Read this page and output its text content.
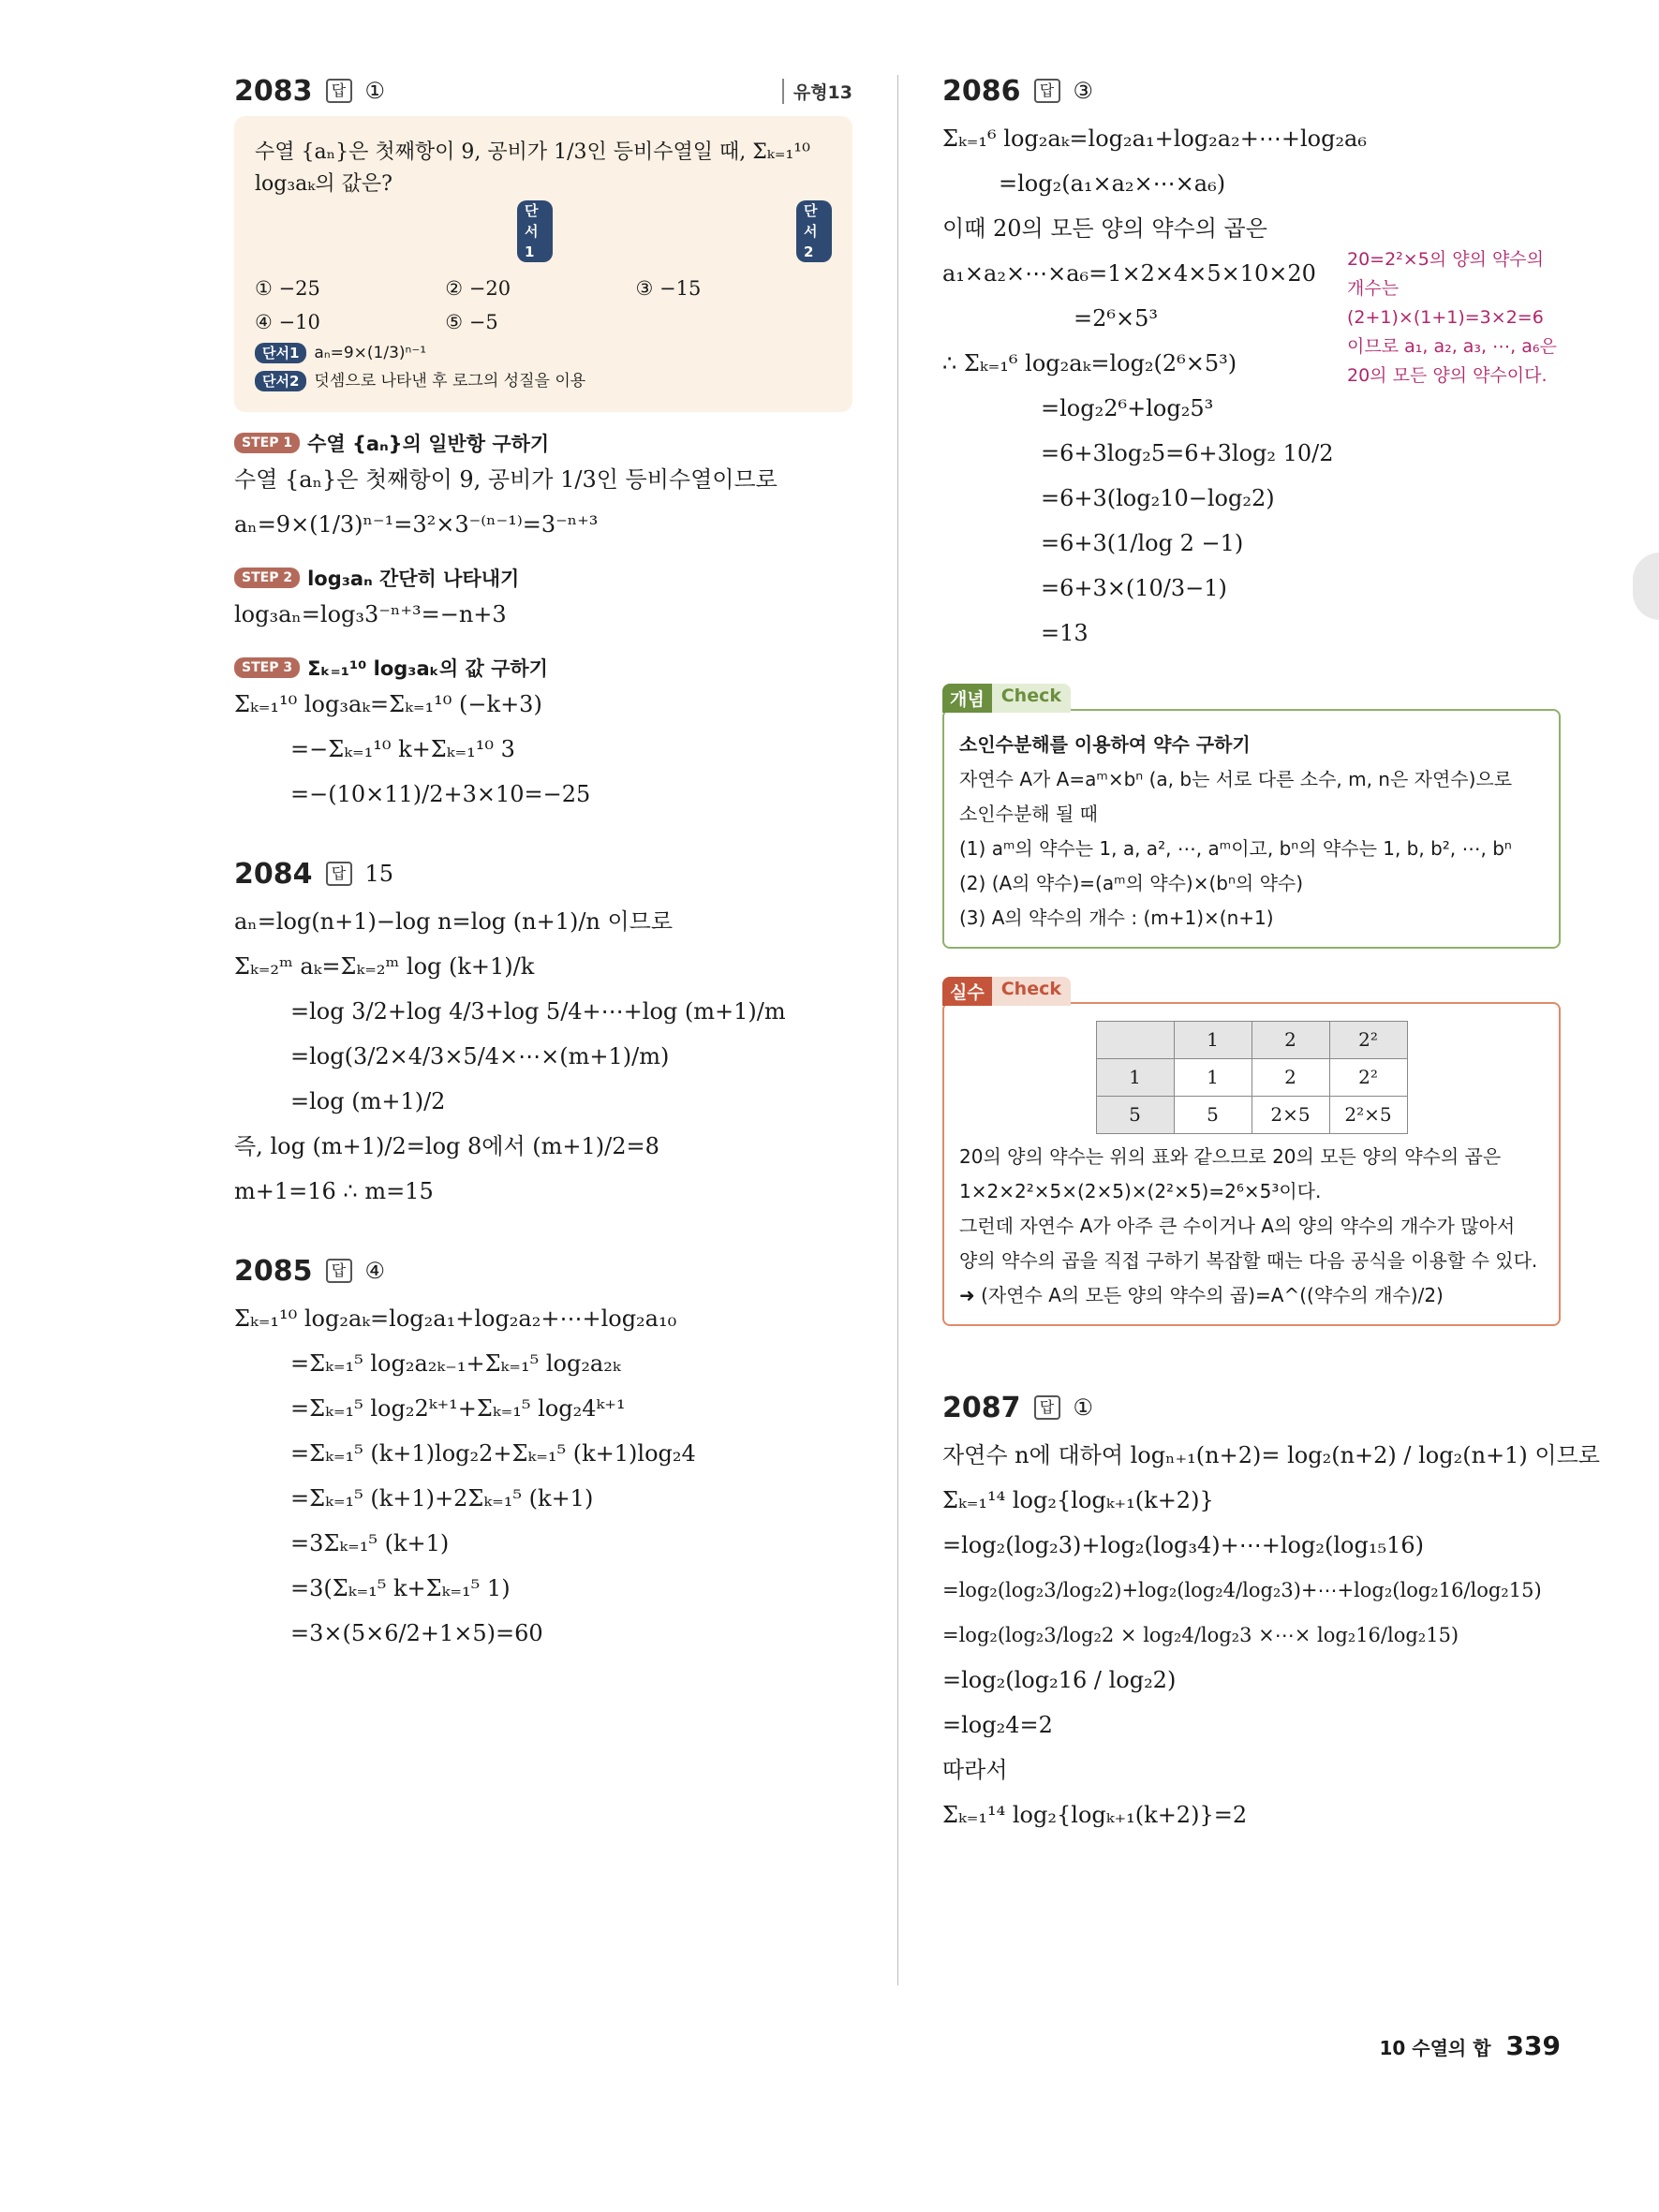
2083	답 ①	유형13
수열 {aₙ}은 첫째항이 9, 공비가 1/3인 등비수열일 때, Σₖ₌₁¹⁰ log₃aₖ의 값은?
단서1
단서2
① −25	② −20	③ −15
④ −10	⑤ −5
단서1 aₙ=9×(1/3)ⁿ⁻¹
단서2 덧셈으로 나타낸 후 로그의 성질을 이용
STEP 1 수열 {aₙ}의 일반항 구하기
수열 {aₙ}은 첫째항이 9, 공비가 1/3인 등비수열이므로
aₙ=9×(1/3)ⁿ⁻¹=3²×3⁻⁽ⁿ⁻¹⁾=3⁻ⁿ⁺³
STEP 2 log₃aₙ 간단히 나타내기
log₃aₙ=log₃3⁻ⁿ⁺³=−n+3
STEP 3 Σₖ₌₁¹⁰ log₃aₖ의 값 구하기
Σₖ₌₁¹⁰ log₃aₖ=Σₖ₌₁¹⁰ (−k+3)
=−Σₖ₌₁¹⁰ k+Σₖ₌₁¹⁰ 3
=−(10×11)/2+3×10=−25
2084	답 15
aₙ=log(n+1)−log n=log (n+1)/n 이므로
Σₖ₌₂ᵐ aₖ=Σₖ₌₂ᵐ log (k+1)/k
=log 3/2+log 4/3+log 5/4+⋯+log (m+1)/m
=log(3/2×4/3×5/4×⋯×(m+1)/m)
=log (m+1)/2
즉, log (m+1)/2=log 8에서 (m+1)/2=8
m+1=16 ∴ m=15
2085	답 ④
Σₖ₌₁¹⁰ log₂aₖ=log₂a₁+log₂a₂+⋯+log₂a₁₀
=Σₖ₌₁⁵ log₂a₂ₖ₋₁+Σₖ₌₁⁵ log₂a₂ₖ
=Σₖ₌₁⁵ log₂2ᵏ⁺¹+Σₖ₌₁⁵ log₂4ᵏ⁺¹
=Σₖ₌₁⁵ (k+1)log₂2+Σₖ₌₁⁵ (k+1)log₂4
=Σₖ₌₁⁵ (k+1)+2Σₖ₌₁⁵ (k+1)
=3Σₖ₌₁⁵ (k+1)
=3(Σₖ₌₁⁵ k+Σₖ₌₁⁵ 1)
=3×(5×6/2+1×5)=60
2086	답 ③
Σₖ₌₁⁶ log₂aₖ=log₂a₁+log₂a₂+⋯+log₂a₆
=log₂(a₁×a₂×⋯×a₆)
이때 20의 모든 양의 약수의 곱은
a₁×a₂×⋯×a₆=1×2×4×5×10×20
=2⁶×5³
∴ Σₖ₌₁⁶ log₂aₖ=log₂(2⁶×5³)
=log₂2⁶+log₂5³
=6+3log₂5=6+3log₂ 10/2
=6+3(log₂10−log₂2)
=6+3(1/log 2 −1)
=6+3×(10/3−1)
=13
개념 Check
소인수분해를 이용하여 약수 구하기
자연수 A가 A=aᵐ×bⁿ (a, b는 서로 다른 소수, m, n은 자연수)으로
소인수분해 될 때
(1) aᵐ의 약수는 1, a, a², ⋯, aᵐ이고, bⁿ의 약수는 1, b, b², ⋯, bⁿ
(2) (A의 약수)=(aᵐ의 약수)×(bⁿ의 약수)
(3) A의 약수의 개수 : (m+1)×(n+1)
실수 Check
	1	2	2²
1	1	2	2²
5	5	2×5	2²×5
20의 양의 약수는 위의 표와 같으므로 20의 모든 양의 약수의 곱은
1×2×2²×5×(2×5)×(2²×5)=2⁶×5³이다.
그런데 자연수 A가 아주 큰 수이거나 A의 양의 약수의 개수가 많아서
양의 약수의 곱을 직접 구하기 복잡할 때는 다음 공식을 이용할 수 있다.
➜ (자연수 A의 모든 양의 약수의 곱)=A^((약수의 개수)/2)
2087	답 ①
자연수 n에 대하여 logₙ₊₁(n+2)= log₂(n+2) / log₂(n+1) 이므로
Σₖ₌₁¹⁴ log₂{logₖ₊₁(k+2)}
=log₂(log₂3)+log₂(log₃4)+⋯+log₂(log₁₅16)
=log₂(log₂3/log₂2)+log₂(log₂4/log₂3)+⋯+log₂(log₂16/log₂15)
=log₂(log₂3/log₂2 × log₂4/log₂3 ×⋯× log₂16/log₂15)
=log₂(log₂16 / log₂2)
=log₂4=2
따라서
Σₖ₌₁¹⁴ log₂{logₖ₊₁(k+2)}=2
20=2²×5의 양의 약수의
개수는
(2+1)×(1+1)=3×2=6
이므로 a₁, a₂, a₃, ⋯, a₆은
20의 모든 양의 약수이다.
10 수열의 합 339
